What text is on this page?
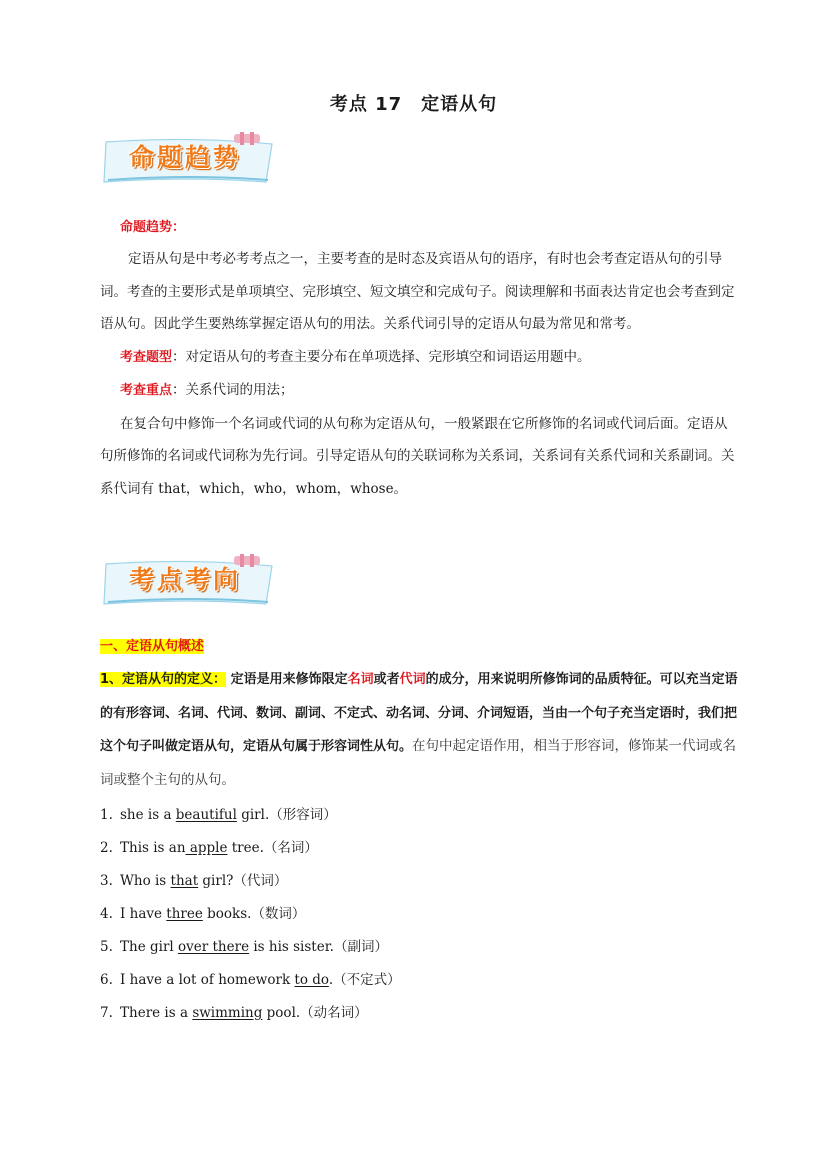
考点 17　定语从句
命题趋势

命题趋势：

定语从句是中考必考考点之一，主要考查的是时态及宾语从句的语序，有时也会考查定语从句的引导词。考查的主要形式是单项填空、完形填空、短文填空和完成句子。阅读理解和书面表达肯定也会考查到定语从句。因此学生要熟练掌握定语从句的用法。关系代词引导的定语从句最为常见和常考。

考查题型：对定语从句的考查主要分布在单项选择、完形填空和词语运用题中。

考查重点：关系代词的用法；

在复合句中修饰一个名词或代词的从句称为定语从句，一般紧跟在它所修饰的名词或代词后面。定语从句所修饰的名词或代词称为先行词。引导定语从句的关联词称为关系词，关系词有关系代词和关系副词。关系代词有 that，which，who，whom，whose。

考点考向

一、定语从句概述

1、定语从句的定义： 定语是用来修饰限定名词或者代词的成分，用来说明所修饰词的品质特征。可以充当定语的有形容词、名词、代词、数词、副词、不定式、动名词、分词、介词短语，当由一个句子充当定语时，我们把这个句子叫做定语从句，定语从句属于形容词性从句。在句中起定语作用，相当于形容词，修饰某一代词或名词或整个主句的从句。

1. she is a beautiful girl.（形容词）
2. This is an apple tree.（名词）
3. Who is that girl?（代词）
4. I have three books.（数词）
5. The girl over there is his sister.（副词）
6. I have a lot of homework to do.（不定式）
7. There is a swimming pool.（动名词）
